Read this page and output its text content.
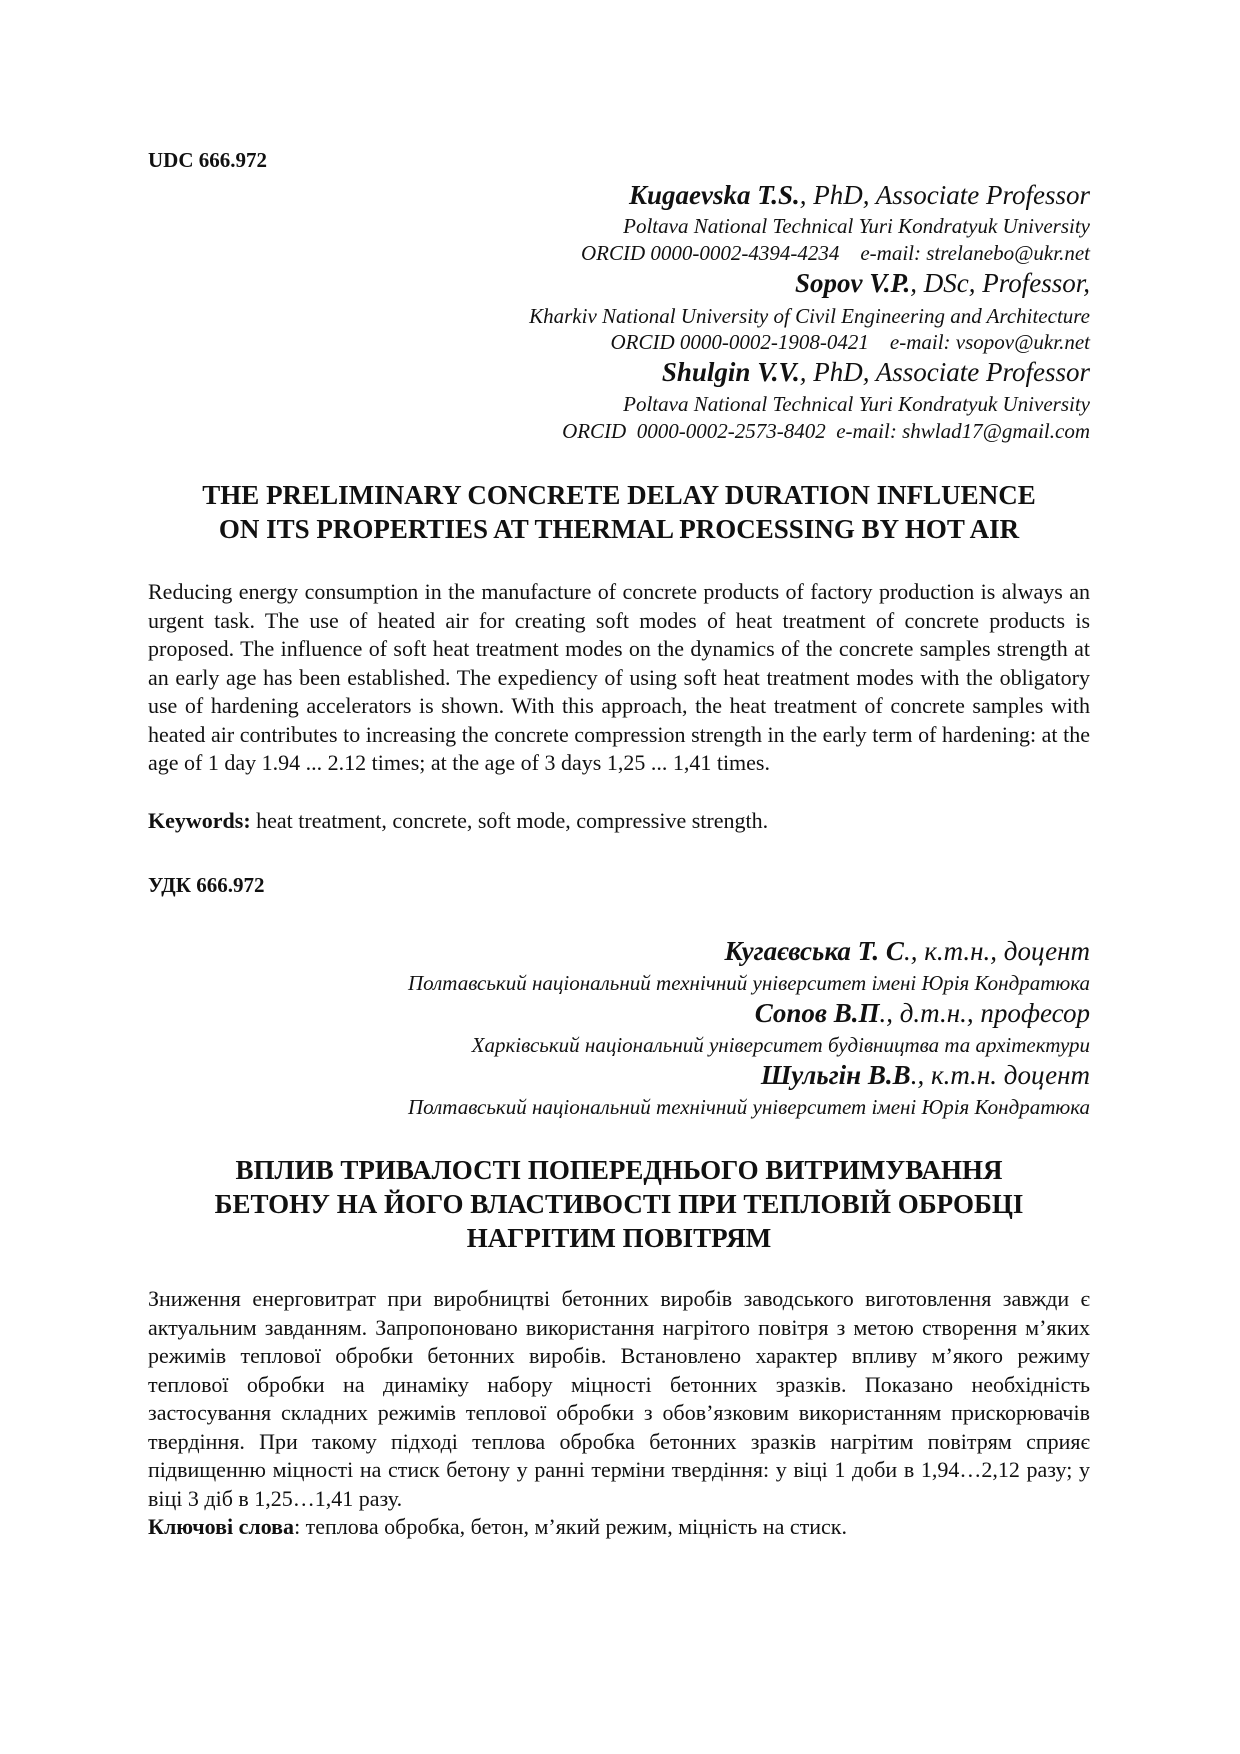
UDC 666.972
Kugaevska T.S., PhD, Associate Professor
Poltava National Technical Yuri Kondratyuk University
ORCID 0000-0002-4394-4234    e-mail: strelanebo@ukr.net
Sopov V.P., DSc, Professor,
Kharkiv National University of Civil Engineering and Architecture
ORCID 0000-0002-1908-0421    e-mail: vsopov@ukr.net
Shulgin V.V., PhD, Associate Professor
Poltava National Technical Yuri Kondratyuk University
ORCID  0000-0002-2573-8402  e-mail: shwlad17@gmail.com
THE PRELIMINARY CONCRETE DELAY DURATION INFLUENCE
ON ITS PROPERTIES AT THERMAL PROCESSING BY HOT AIR
Reducing energy consumption in the manufacture of concrete products of factory production is always an urgent task. The use of heated air for creating soft modes of heat treatment of concrete products is proposed. The influence of soft heat treatment modes on the dynamics of the concrete samples strength at an early age has been established. The expediency of using soft heat treatment modes with the obligatory use of hardening accelerators is shown. With this approach, the heat treatment of concrete samples with heated air contributes to increasing the concrete compression strength in the early term of hardening: at the age of 1 day 1.94 ... 2.12 times; at the age of 3 days 1,25 ... 1,41 times.
Keywords: heat treatment, concrete, soft mode, compressive strength.
УДК 666.972
Кугаєвська Т. С., к.т.н., доцент
Полтавський національний технічний університет імені Юрія Кондратюка
Сопов В.П., д.т.н., професор
Харківський національний університет будівництва та архітектури
Шульгін В.В., к.т.н. доцент
Полтавський національний технічний університет імені Юрія Кондратюка
ВПЛИВ ТРИВАЛОСТІ ПОПЕРЕДНЬОГО ВИТРИМУВАННЯ
БЕТОНУ НА ЙОГО ВЛАСТИВОСТІ ПРИ ТЕПЛОВІЙ ОБРОБЦІ
НАГРІТИМ ПОВІТРЯМ
Зниження енерговитрат при виробництві бетонних виробів заводського виготовлення завжди є актуальним завданням. Запропоновано використання нагрітого повітря з метою створення м’яких режимів теплової обробки бетонних виробів. Встановлено характер впливу м’якого режиму теплової обробки на динаміку набору міцності бетонних зразків. Показано необхідність застосування складних режимів теплової обробки з обов’язковим використанням прискорювачів твердіння. При такому підході теплова обробка бетонних зразків нагрітим повітрям сприяє підвищенню міцності на стиск бетону у ранні терміни твердіння: у віці 1 доби в 1,94…2,12 разу; у віці 3 діб в 1,25…1,41 разу.
Ключові слова: теплова обробка, бетон, м’який режим, міцність на стиск.
